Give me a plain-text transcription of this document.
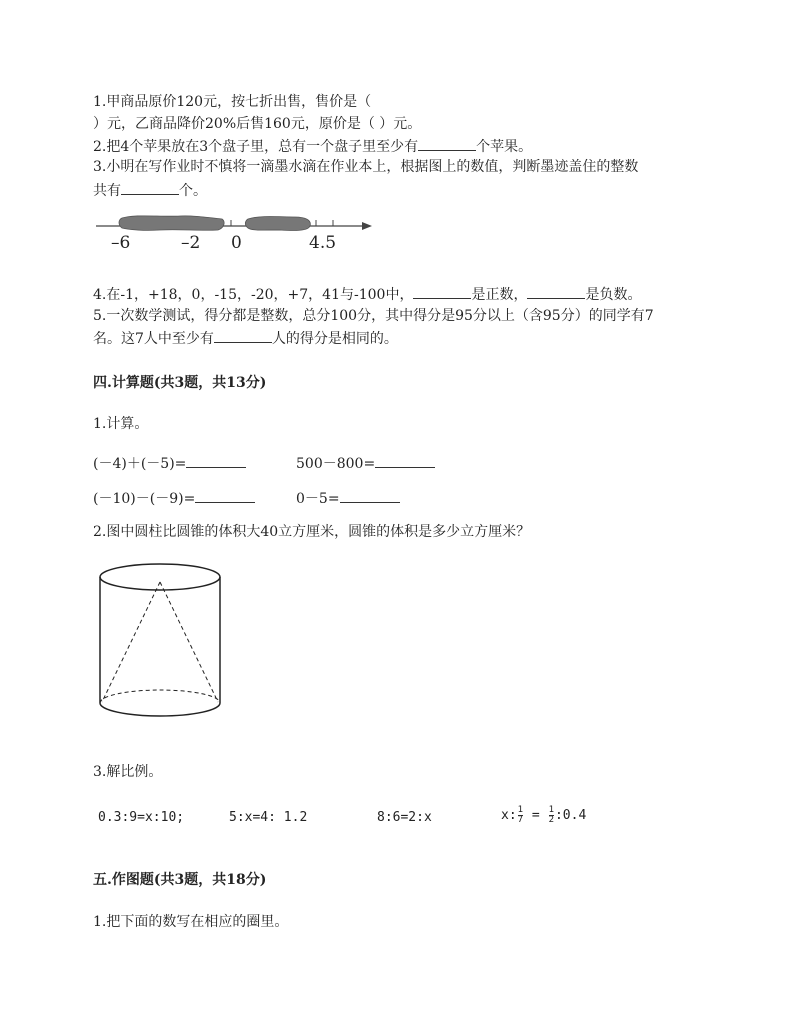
1.甲商品原价120元，按七折出售，售价是（
）元，乙商品降价20%后售160元，原价是（ ）元。
2.把4个苹果放在3个盘子里，总有一个盘子里至少有	个苹果。
3.小明在写作业时不慎将一滴墨水滴在作业本上，根据图上的数值，判断墨迹盖住的整数
共有	个。
–6	–2 0	4.5
4.在-1，+18，0，-15，-20，+7，41与-100中，	是正数，	是负数。
5.一次数学测试，得分都是整数，总分100分，其中得分是95分以上（含95分）的同学有7
名。这7人中至少有	人的得分是相同的。
四.计算题(共3题，共13分)
1.计算。
(－4)＋(－5)=	500－800=
(－10)－(－9)=	0－5=
2.图中圆柱比圆锥的体积大40立方厘米，圆锥的体积是多少立方厘米？
3.解比例。
0.3:9=x:10;	5:x=4: 1.2	8:6=2:x	x: $\frac{1}{7} = \frac{1}{2}$ :0.4
五.作图题(共3题，共18分)
1.把下面的数写在相应的圈里。
